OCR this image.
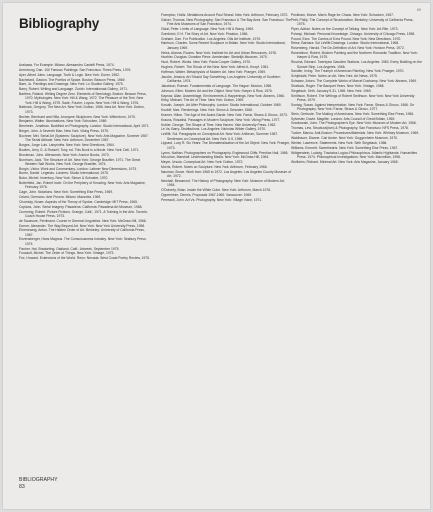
89
Bibliography

Arakawa. For Example. Milano: Alessandro Castelli Press, 1974.

Armstrong, Dan. 100 Famous Paintings. San Francisco: Times Press, 1976.

Ayer, Alfred Jules. Language, Truth & Logic. New York: Dover, 1952.

Bachelard, Gaston. The Poetics of Space. Boston: Beacon Press, 1969.

Baer, Jo. Paintings and Drawings. New York: Lo Giudice Gallery, 1975.

Barry, Robert. Writing and Language. Zurich: Internationaal Gallery, 1971.

Barthes, Roland. Writing Degree Zero. Elements of Semiology. Boston: Beacon Press, 1970. Mythologies. New York: Hill & Wang, 1972. The Pleasure of the Text. New York: Hill & Wang, 1975. Sade, Fourier, Loyola. New York: Hill & Wang, 1976.

Battcock, Gregory. The New Art. New York: Dutton, 1966. Idea Art. New York: Dutton, 1973.

Becher, Bernhard and Hilla. Anonyme Skulpturen. New York: Wittenborn, 1970.

Benjamin, Walter. Illuminations. New York: Schocken, 1969.

Bernheim, Jonathan. Buddhist on Photography. London: Studio International, April 1971.

Berger, John. A Seventh Man. New York: Viking Press, 1975.

Bochner, Mel. Serial Art (Systems: Sculpture). New York: Arts Magazine, Summer 1967. The Serial Attitude. New York: Artforum, December 1967.

Borges, Jorge Luis. Labyrinths. New York: New Directions, 1964.

Bowles, Jerry G. & Russell, Tony, ed. This Book is a Movie. New York: Dell, 1971.

Brockman, John. Afterwords. New York: Anchor Books, 1973.

Burnham, Jack. The Structure of Art. New York: George Braziller, 1971. The Great Western Salt Works. New York: George Braziller, 1974.

Burgin, Victor. Work and Commentary. London: Latimer New Dimensions, 1973.

Buren, Daniel. Legends. Londres: Studio International, 1975.

Butor, Michel. Inventory. New York: Simon & Schuster, 1970.

Butterfield, Jan. Robert Irwin: On the Periphery of Knowing. New York: Arts Magazine, February 1976.

Cage, John. Notations. New York: Something Else Press, 1969.

Celant, Germano. Arte Povera. Milano: Mazzotta, 1969.

Chomsky, Noam. Aspects of the Theory of Syntax. Cambridge: MIT Press, 1965.

Coplans, John. Serial Imagery. Pasadena: California: Pasadena Art Museum, 1968.

Cumming, Robert. Picture Fictions. Orange, Calif., 1971. A Training in the Arts. Toronto: Coach House Press, 1973.

de Saussure, Ferdinand. Course in General Linguistics. New York: McGraw-Hill, 1966.

Dorner, Alexander. The Way Beyond Art. New York: New York University Press, 1958.

Ehrenzweig, Anton. The Hidden Order of Art. Berkeley: University of California Press, 1967.

Enzensberger, Hans Magnus. The Consciousness Industry. New York: Seabury Press, 1974.

Fischer, Hal. Bracketing. Oakland, Calif.: Artweek, September 1975.

Foucault, Michel. The Order of Things. New York: Vintage, 1973.

Fox, Howard. Extensions of the World. Reno: Nevada: West Coast Poetry Review, 1975.

Frampton, Hollis. Mediations Around Paul Strand. New York: Artforum, February 1972.

Gaiver, Thomas. New Photography. San Francisco & The Bay Area. San Francisco: The Fine Arts Museums of San Francisco, 1974.

Gidal, Peter. Limits of Language. New York: Hill & Wang, 1969.

Gombrich, E.H. The Story of Art. New York: Phaidon, 1966.

Graham, Dan. For Publication. Los Angeles: Otis Art Institute, 1975.

Harrison, Charles. Some Recent Sculpture in Britain. New York: Studio International, January 1969.

Heiss, Alanna. Rooms. New York: Institute for Art and Urban Resources, 1976.

Huebler, Douglas. Duration Piece. Amsterdam: Stedelijk Museum, 1970.

Huot, Robert. Works. New York: Paula Cooper Gallery, 1970.

Hughes, Robert. The Shock of the New. New York: Alfred A. Knopf, 1981.

Hoffman, Walter. Metaphysics of Modern Art. New York: Praeger, 1969.

Jacobs, Jessica. Art Should Say Something. Los Angeles: University of Southern California, 1974.

Jakobson, Roman. Fundamentals of Language. The Hague: Mouton, 1956.

Johnson, Ellen. Modern Art and the Object. New York: Harper & Row, 1976.

Kaprow, Allan. Assemblage, Environments & Happenings. New York: Abrams, 1966.

Kirby, Michael. The Art of Time. New York: Dutton, 1969.

Kosuth, Joseph. Art After Philosophy. London: Studio International, October 1969.

Kozloff, Max. Renderings. New York: Simon & Schuster, 1968.

Kramer, Hilton. The Age of the Avant-Garde. New York: Farrar, Straus & Giroux, 1973.

Krauss, Rosalind. Passages in Modern Sculpture. New York: Viking Press, 1977.

Kubler, George. The Shape of Time. New Haven: Yale University Press, 1962.

Le Va, Barry. Distributions. Los Angeles: Nicholas Wilder Gallery, 1970.

LeWitt, Sol. Paragraphs on Conceptual Art. New York: Artforum, Summer 1967. Sentences on Conceptual Art. New York: 0-9, 1969.

Lippard, Lucy R. Six Years: The Dematerialization of the Art Object. New York: Praeger, 1973.

Lyons, Nathan. Photographers on Photography. Englewood Cliffs: Prentice-Hall, 1966.

McLuhan, Marshall. Understanding Media. New York: McGraw-Hill, 1964.

Meyer, Ursula. Conceptual Art. New York: Dutton, 1972.

Morris, Robert. Notes on Sculpture. New York: Artforum, February 1966.

Nauman, Bruce. Work from 1965 to 1972. Los Angeles: Los Angeles County Museum of Art, 1972.

Newhall, Beaumont. The History of Photography. New York: Museum of Modern Art, 1964.

O'Doherty, Brian. Inside the White Cube. New York: Artforum, March 1976.

Oppenheim, Dennis. Proposals 1967-1969. Vancouver: 1969.

Perreault, John. Art Vs. Photography. New York: Village Voice, 1971.

Peckham, Morse. Man's Rage for Chaos. New York: Schocken, 1967.

Petit, Philip. The Concept of Structuralism. Berkeley: University of California Press, 1975.

Piper, Adrian. Notes on the Concept of Talking. New York: Art-Rite, 1973.

Polanyi, Michael. Personal Knowledge. Chicago: University of Chicago Press, 1958.

Pound, Ezra. The Cantos of Ezra Pound. New York: New Directions, 1970.

Reise, Barbara. Sol LeWitt Drawings. London: Studio International, 1968.

Rosenberg, Harold. The De-Definition of Art. New York: Horizon Press, 1972.

Rosenblum, Robert. Modern Painting and the Northern Romantic Tradition. New York: Harper & Row, 1975.

Ruscha, Edward. Twentysix Gasoline Stations. Los Angeles: 1963. Every Building on the Sunset Strip. Los Angeles: 1966.

Sandler, Irving. The Triumph of American Painting. New York: Praeger, 1970.

Schjeldahl, Peter. Notes on Art. New York: Art News, 1975.

Schwarz, Arturo. The Complete Works of Marcel Duchamp. New York: Abrams, 1969.

Shattuck, Roger. The Banquet Years. New York: Vintage, 1968.

Siegelaub, Seth. January 5-31, 1969. New York: 1969.

Smithson, Robert. The Writings of Robert Smithson. New York: New York University Press, 1979.

Sontag, Susan. Against Interpretation. New York: Farrar, Straus & Giroux, 1966. On Photography. New York: Farrar, Straus & Giroux, 1977.

Stein, Gertrude. The Making of Americans. New York: Something Else Press, 1966.

Sylvester, David. Magritte. London: Arts Council of Great Britain, 1969.

Szarkowski, John. The Photographer's Eye. New York: Museum of Modern Art, 1966.

Thomas, Lew. Structural(ism) & Photography. San Francisco: NFS Press, 1978.

Tucker, Marcia. Anti-Illusion: Procedures/Materials. New York: Whitney Museum, 1969.

Waldhauer, Dianne. Carl Andre. New York: Guggenheim Museum, 1970.

Weiner, Lawrence. Statements. New York: Seth Siegelaub, 1968.

Williams, Emmett. Sweethearts. New York: Something Else Press, 1967.

Wittgenstein, Ludwig. Tractatus Logico-Philosophicus. Atlantic Highlands: Humanities Press, 1974. Philosophical Investigations. New York: Macmillan, 1958.

Wollheim, Richard. Minimal Art. New York: Arts Magazine, January 1965.

BIBLIOGRAPHY
83
